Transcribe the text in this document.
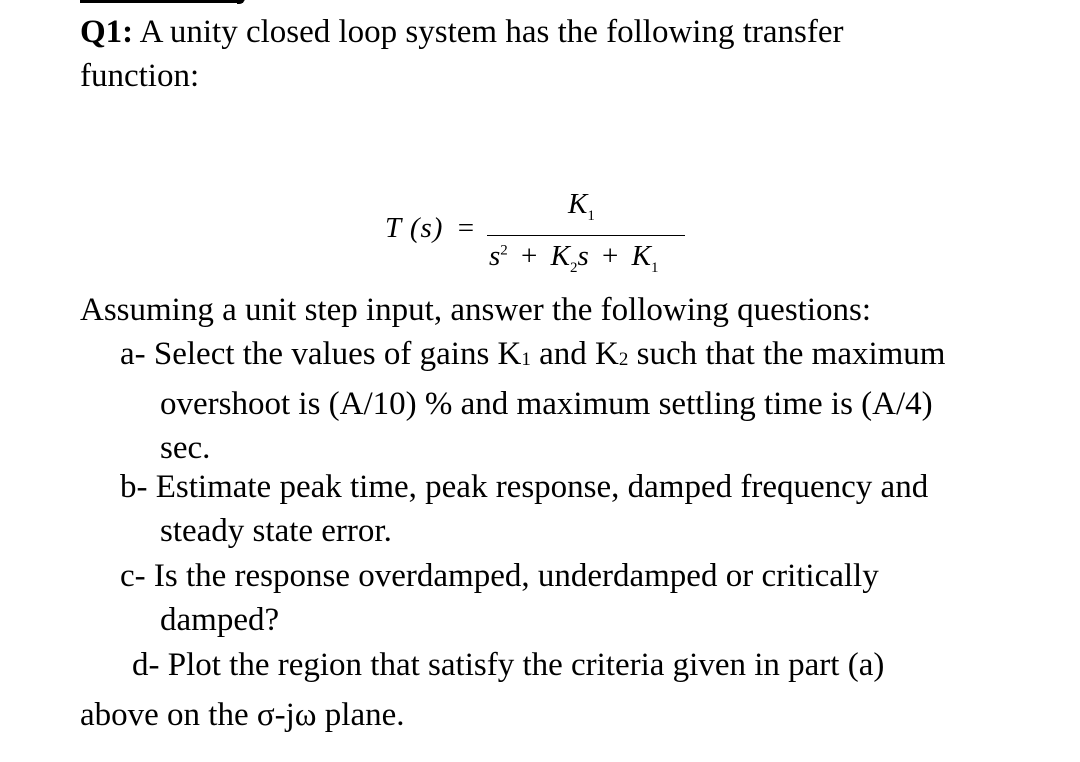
Q1: A unity closed loop system has the following transfer
function:
T (s) =
$K_1$
$s^2 + K_2s + K_1$
Assuming a unit step input, answer the following questions:
a- Select the values of gains K1 and K2 such that the maximum
overshoot is (A/10) % and maximum settling time is (A/4)
sec.
b- Estimate peak time, peak response, damped frequency and
steady state error.
c- Is the response overdamped, underdamped or critically
damped?
d- Plot the region that satisfy the criteria given in part (a)
above on the σ-jω plane.
